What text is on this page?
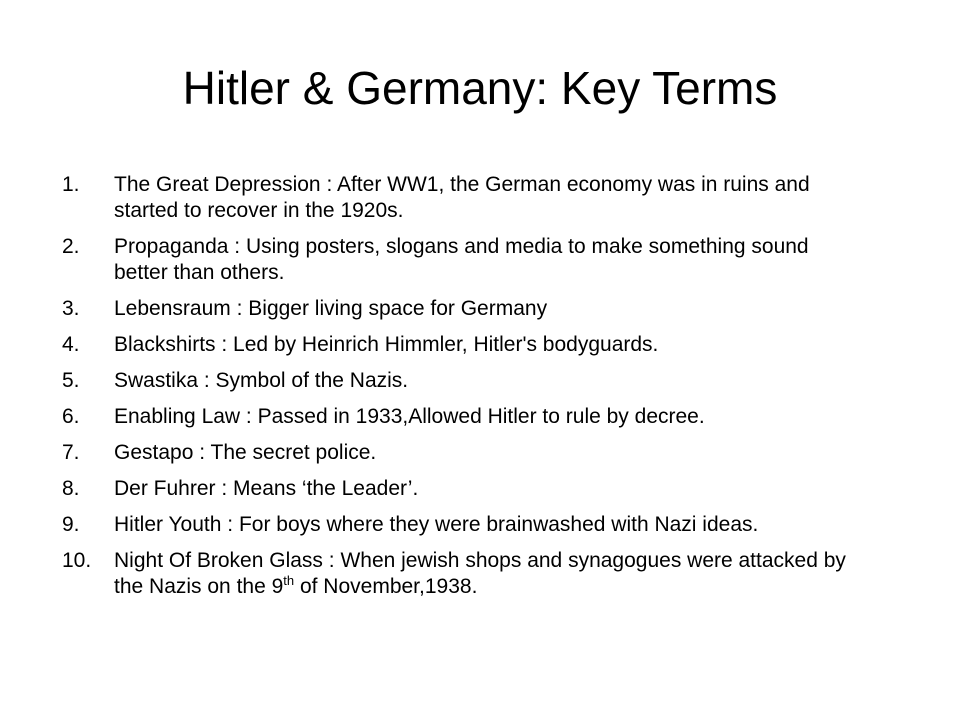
Hitler & Germany: Key Terms
1.	The Great Depression : After WW1, the German economy was in ruins and started to recover in the 1920s.
2.	Propaganda : Using posters, slogans and media to make something sound better than others.
3.	Lebensraum : Bigger living space for Germany
4.	Blackshirts : Led by Heinrich Himmler, Hitler's bodyguards.
5.	Swastika : Symbol of the Nazis.
6.	Enabling Law : Passed in 1933,Allowed Hitler to rule by decree.
7.	Gestapo : The secret police.
8.	Der Fuhrer : Means ‘the Leader’.
9.	Hitler Youth : For boys where they were brainwashed with Nazi ideas.
10.	Night Of Broken Glass : When jewish shops and synagogues were attacked by the Nazis on the 9th of November,1938.
